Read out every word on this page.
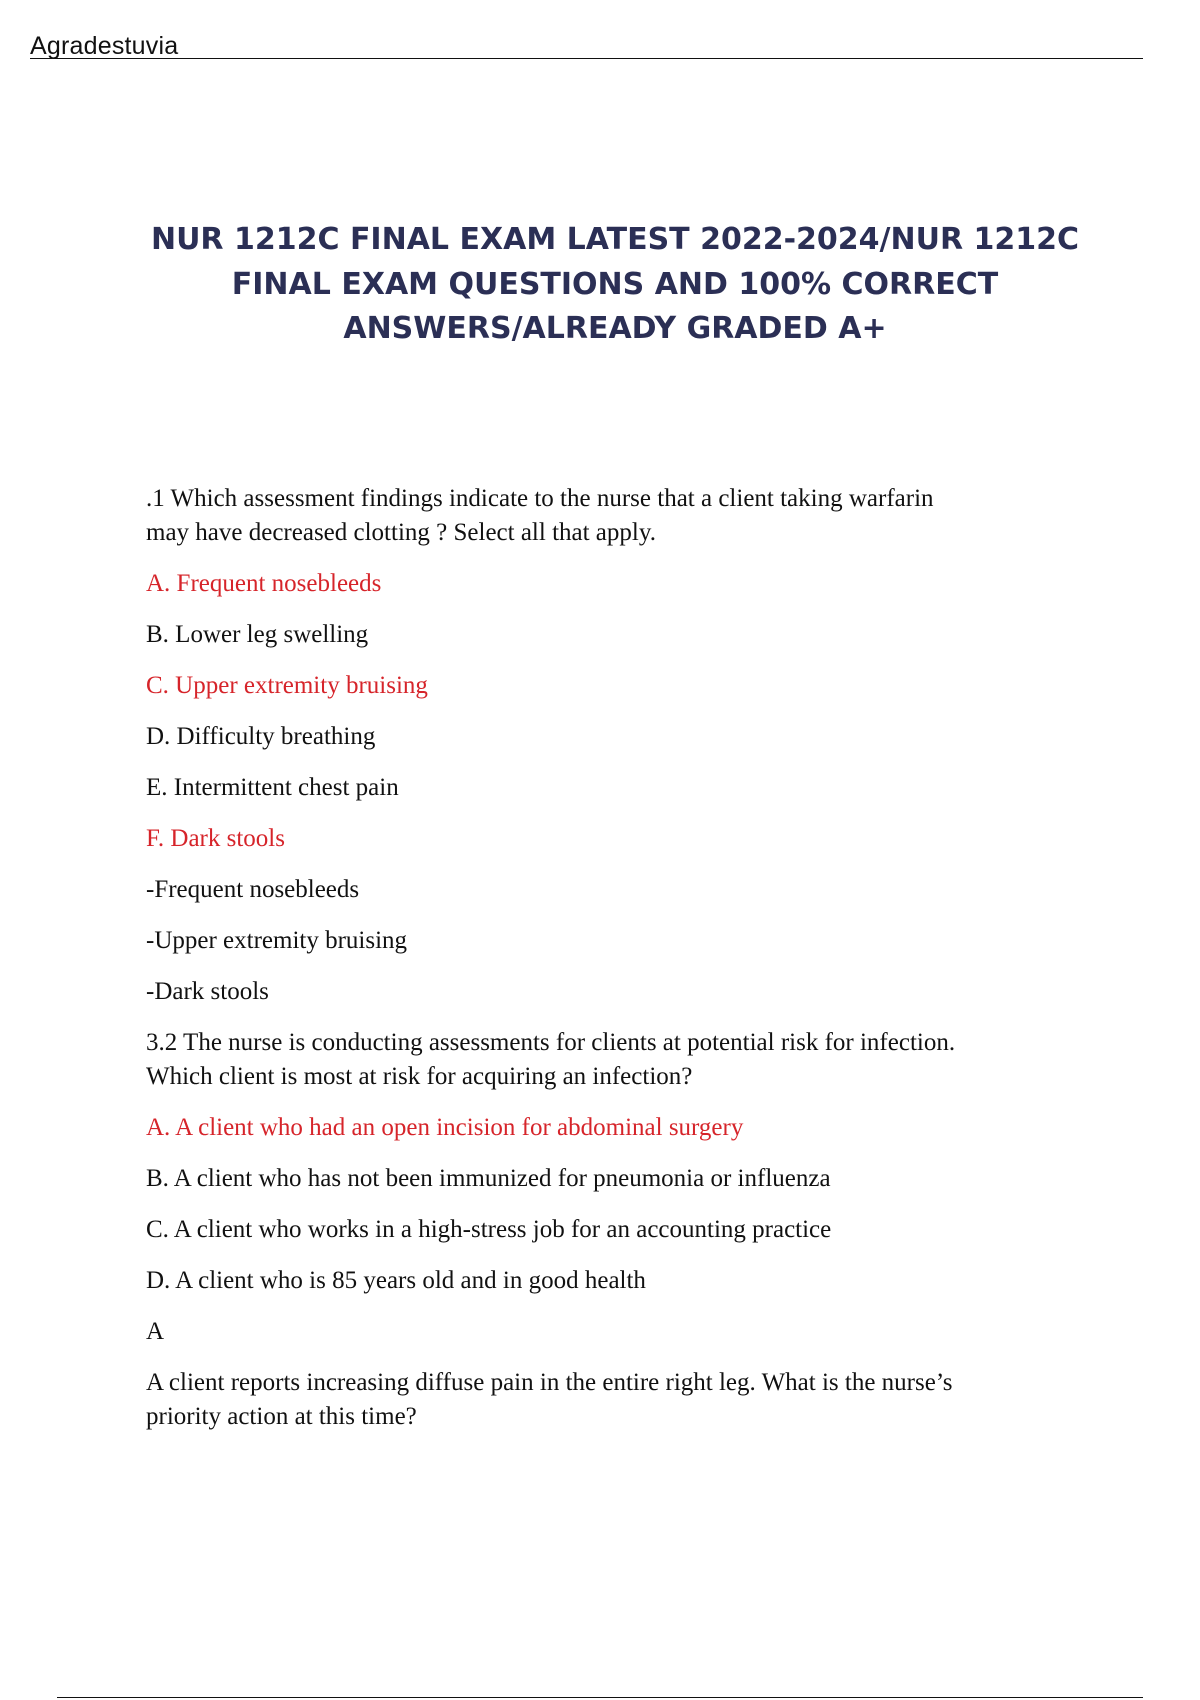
Agradestuvia
NUR 1212C FINAL EXAM LATEST 2022-2024/NUR 1212C
FINAL EXAM QUESTIONS AND 100% CORRECT
ANSWERS/ALREADY GRADED A+
.1 Which assessment findings indicate to the nurse that a client taking warfarin
may have decreased clotting ? Select all that apply.
A. Frequent nosebleeds
B. Lower leg swelling
C. Upper extremity bruising
D. Difficulty breathing
E. Intermittent chest pain
F. Dark stools
-Frequent nosebleeds
-Upper extremity bruising
-Dark stools
3.2 The nurse is conducting assessments for clients at potential risk for infection.
Which client is most at risk for acquiring an infection?
A. A client who had an open incision for abdominal surgery
B. A client who has not been immunized for pneumonia or influenza
C. A client who works in a high-stress job for an accounting practice
D. A client who is 85 years old and in good health
A
A client reports increasing diffuse pain in the entire right leg. What is the nurse’s
priority action at this time?
